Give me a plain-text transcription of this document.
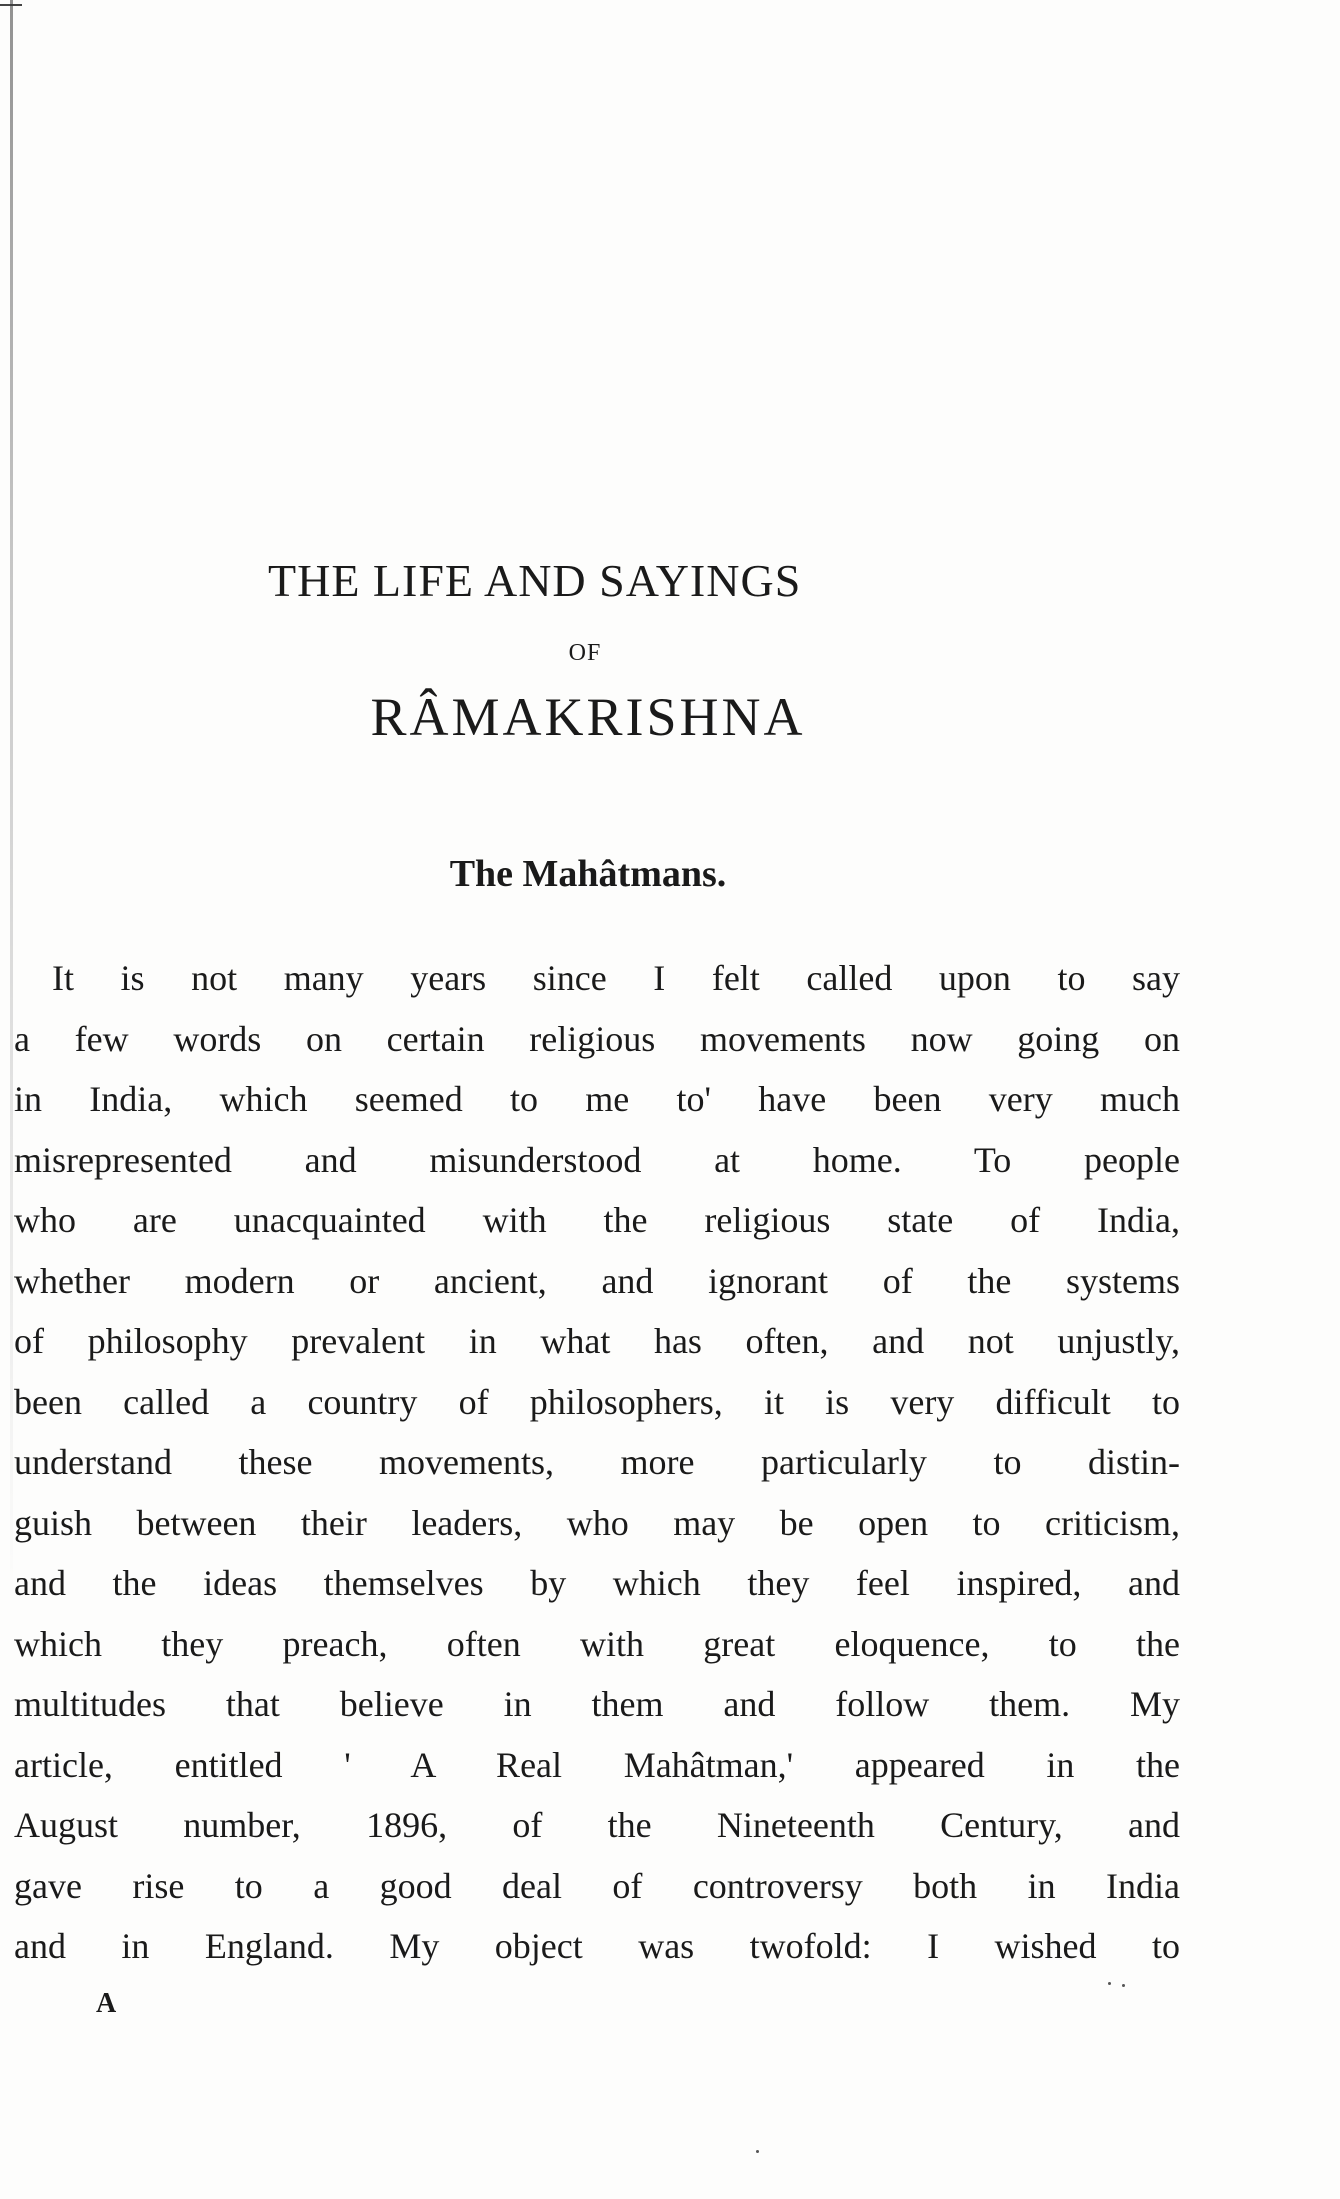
THE LIFE AND SAYINGS
OF
RÂMAKRISHNA
The Mahâtmans.
It is not many years since I felt called upon to say
a few words on certain religious movements now going on
in India, which seemed to me to' have been very much
misrepresented and misunderstood at home. To people
who are unacquainted with the religious state of India,
whether modern or ancient, and ignorant of the systems
of philosophy prevalent in what has often, and not unjustly,
been called a country of philosophers, it is very difficult to
understand these movements, more particularly to distin-
guish between their leaders, who may be open to criticism,
and the ideas themselves by which they feel inspired, and
which they preach, often with great eloquence, to the
multitudes that believe in them and follow them. My
article, entitled ' A Real Mahâtman,' appeared in the
August number, 1896, of the Nineteenth Century, and
gave rise to a good deal of controversy both in India
and in England. My object was twofold: I wished to
A
